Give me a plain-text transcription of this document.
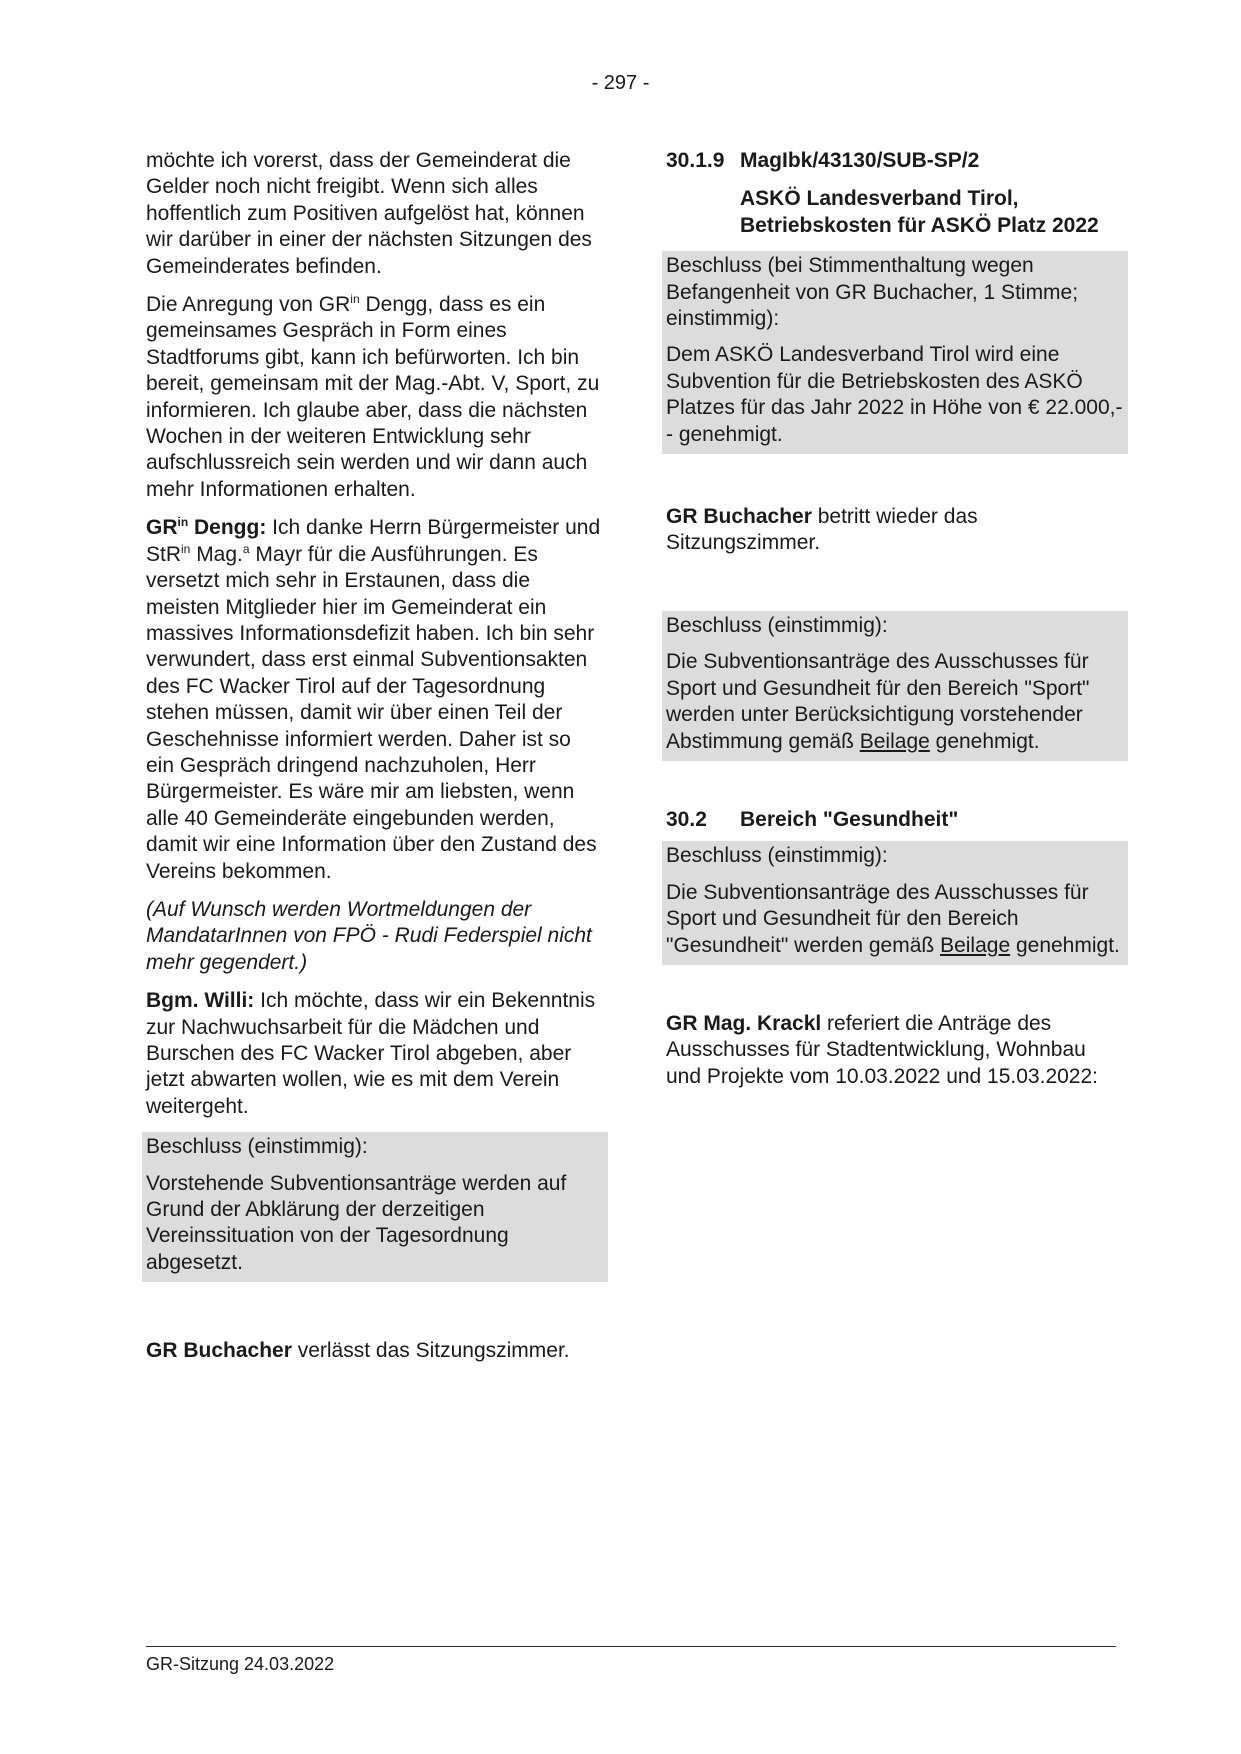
- 297 -

möchte ich vorerst, dass der Gemeinderat die Gelder noch nicht freigibt. Wenn sich alles hoffentlich zum Positiven aufgelöst hat, können wir darüber in einer der nächsten Sitzungen des Gemeinderates befinden.

Die Anregung von $GR^{in}$ Dengg, dass es ein gemeinsames Gespräch in Form eines Stadtforums gibt, kann ich befürworten. Ich bin bereit, gemeinsam mit der Mag.-Abt. V, Sport, zu informieren. Ich glaube aber, dass die nächsten Wochen in der weiteren Entwicklung sehr aufschlussreich sein werden und wir dann auch mehr Informationen erhalten.

$GR^{in}$ Dengg: Ich danke Herrn Bürgermeister und StR$^{in}$ Mag.$^a$ Mayr für die Ausführungen. Es versetzt mich sehr in Erstaunen, dass die meisten Mitglieder hier im Gemeinderat ein massives Informationsdefizit haben. Ich bin sehr verwundert, dass erst einmal Subventionsakten des FC Wacker Tirol auf der Tagesordnung stehen müssen, damit wir über einen Teil der Geschehnisse informiert werden. Daher ist so ein Gespräch dringend nachzuholen, Herr Bürgermeister. Es wäre mir am liebsten, wenn alle 40 Gemeinderäte eingebunden werden, damit wir eine Information über den Zustand des Vereins bekommen.

(Auf Wunsch werden Wortmeldungen der MandatarInnen von FPÖ - Rudi Federspiel nicht mehr gegendert.)

Bgm. Willi: Ich möchte, dass wir ein Bekenntnis zur Nachwuchsarbeit für die Mädchen und Burschen des FC Wacker Tirol abgeben, aber jetzt abwarten wollen, wie es mit dem Verein weitergeht.

Beschluss (einstimmig):

Vorstehende Subventionsanträge werden auf Grund der Abklärung der derzeitigen Vereinssituation von der Tagesordnung abgesetzt.

GR Buchacher verlässt das Sitzungszimmer.

30.1.9 MagIbk/43130/SUB-SP/2

ASKÖ Landesverband Tirol, Betriebskosten für ASKÖ Platz 2022

Beschluss (bei Stimmenthaltung wegen Befangenheit von GR Buchacher, 1 Stimme; einstimmig):

Dem ASKÖ Landesverband Tirol wird eine Subvention für die Betriebskosten des ASKÖ Platzes für das Jahr 2022 in Höhe von € 22.000,-- genehmigt.

GR Buchacher betritt wieder das Sitzungszimmer.

Beschluss (einstimmig):

Die Subventionsanträge des Ausschusses für Sport und Gesundheit für den Bereich "Sport" werden unter Berücksichtigung vorstehender Abstimmung gemäß Beilage genehmigt.

30.2 Bereich "Gesundheit"

Beschluss (einstimmig):

Die Subventionsanträge des Ausschusses für Sport und Gesundheit für den Bereich "Gesundheit" werden gemäß Beilage genehmigt.

GR Mag. Krackl referiert die Anträge des Ausschusses für Stadtentwicklung, Wohnbau und Projekte vom 10.03.2022 und 15.03.2022:

GR-Sitzung 24.03.2022
